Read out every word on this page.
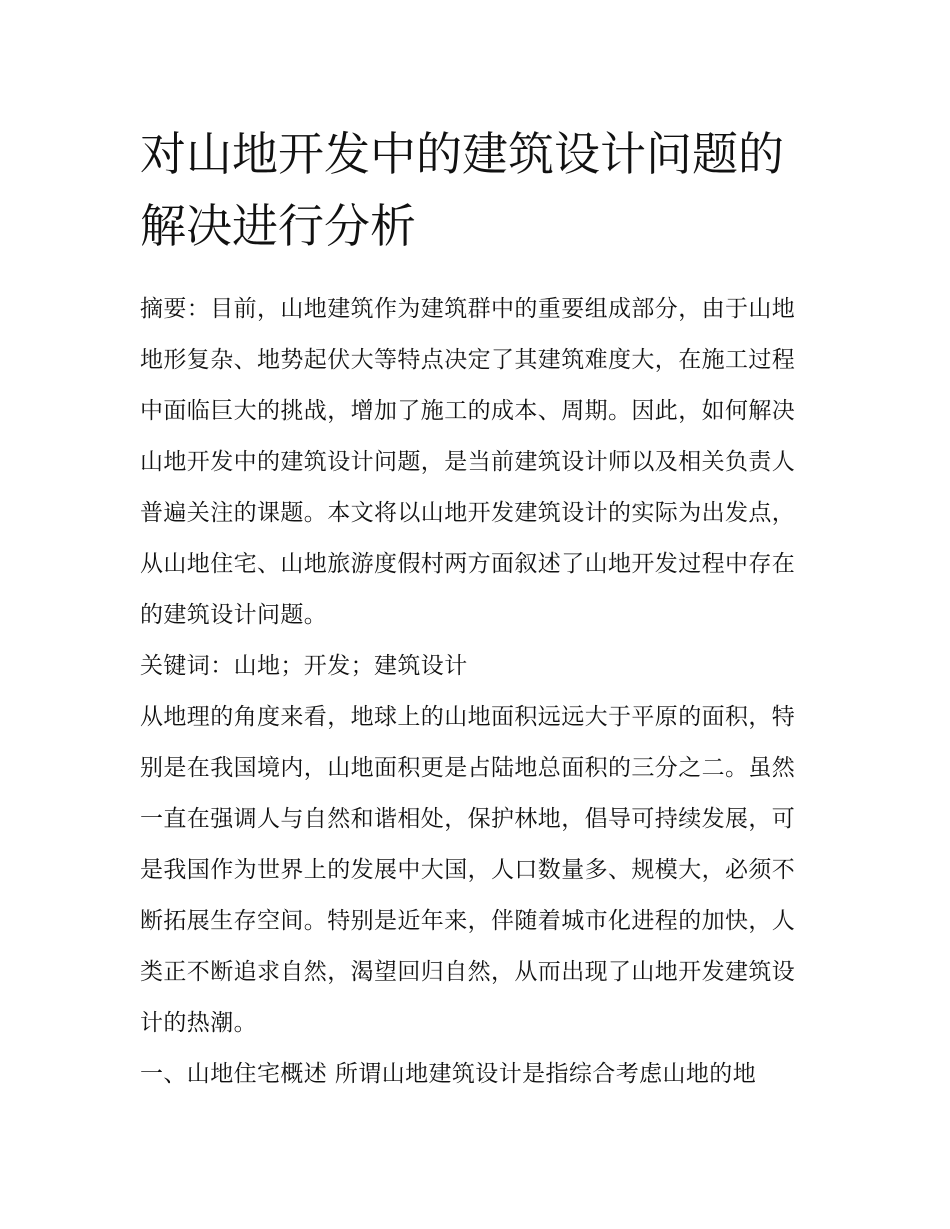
对山地开发中的建筑设计问题的解决进行分析

摘要：目前，山地建筑作为建筑群中的重要组成部分，由于山地地形复杂、地势起伏大等特点决定了其建筑难度大，在施工过程中面临巨大的挑战，增加了施工的成本、周期。因此，如何解决山地开发中的建筑设计问题，是当前建筑设计师以及相关负责人普遍关注的课题。本文将以山地开发建筑设计的实际为出发点，从山地住宅、山地旅游度假村两方面叙述了山地开发过程中存在的建筑设计问题。

关键词：山地；开发；建筑设计

从地理的角度来看，地球上的山地面积远远大于平原的面积，特别是在我国境内，山地面积更是占陆地总面积的三分之二。虽然一直在强调人与自然和谐相处，保护林地，倡导可持续发展，可是我国作为世界上的发展中大国，人口数量多、规模大，必须不断拓展生存空间。特别是近年来，伴随着城市化进程的加快，人类正不断追求自然，渴望回归自然，从而出现了山地开发建筑设计的热潮。

一、山地住宅概述 所谓山地建筑设计是指综合考虑山地的地
